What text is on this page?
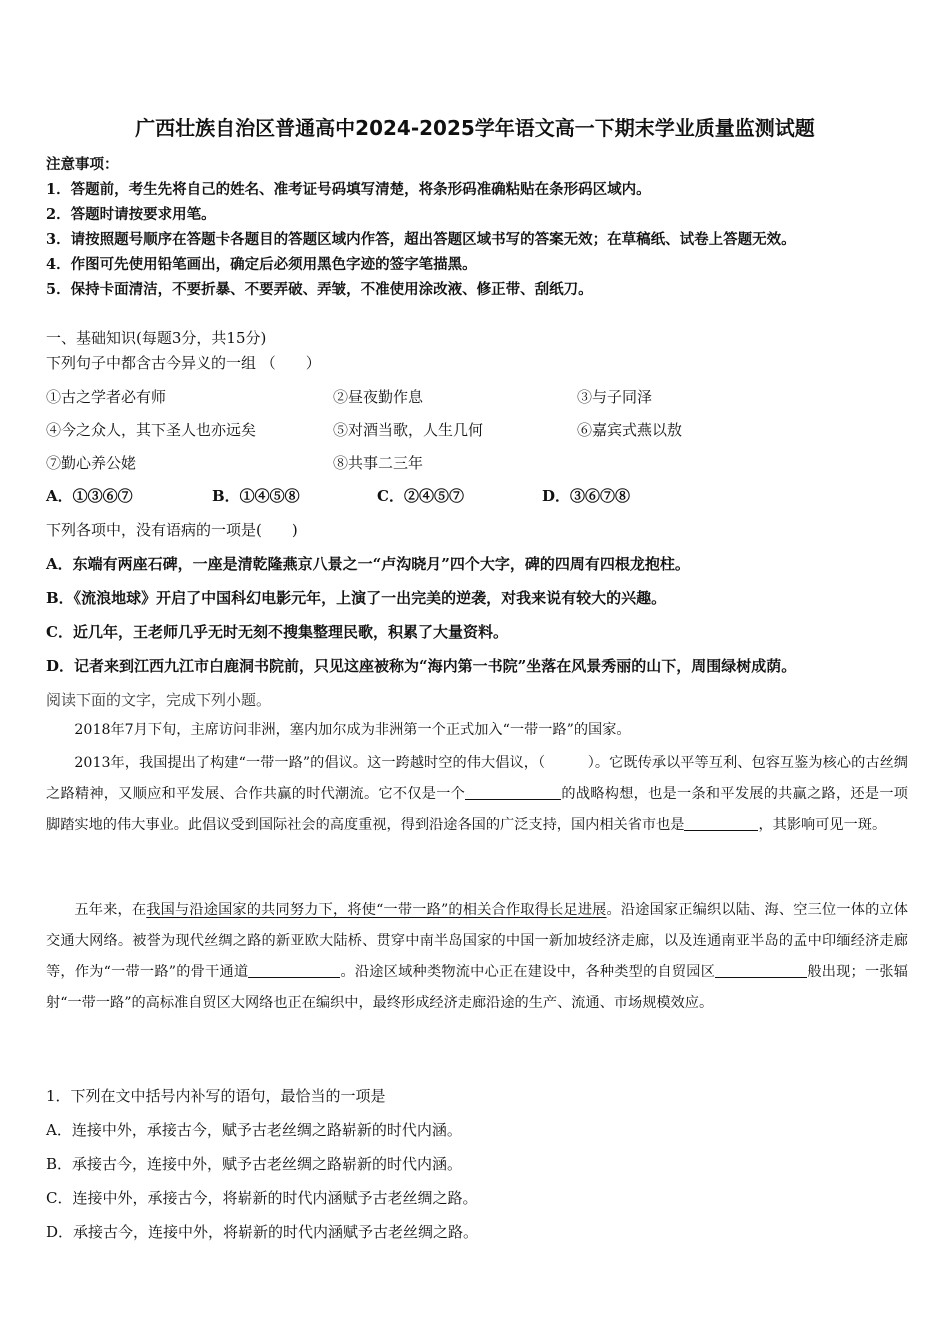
广西壮族自治区普通高中2024-2025学年语文高一下期末学业质量监测试题
注意事项：
1．答题前，考生先将自己的姓名、准考证号码填写清楚，将条形码准确粘贴在条形码区域内。
2．答题时请按要求用笔。
3．请按照题号顺序在答题卡各题目的答题区域内作答，超出答题区域书写的答案无效；在草稿纸、试卷上答题无效。
4．作图可先使用铅笔画出，确定后必须用黑色字迹的签字笔描黑。
5．保持卡面清洁，不要折暴、不要弄破、弄皱，不准使用涂改液、修正带、刮纸刀。
一、基础知识(每题3分，共15分)
下列句子中都含古今异义的一组 （　　）
①古之学者必有师	②昼夜勤作息	③与子同泽
④今之众人，其下圣人也亦远矣	⑤对酒当歌，人生几何	⑥嘉宾式燕以敖
⑦勤心养公姥	⑧共事二三年
A．①③⑥⑦	B．①④⑤⑧	C．②④⑤⑦	D．③⑥⑦⑧
下列各项中，没有语病的一项是(　　)
A．东端有两座石碑，一座是清乾隆燕京八景之一“卢沟晓月”四个大字，碑的四周有四根龙抱柱。
B．《流浪地球》开启了中国科幻电影元年，上演了一出完美的逆袭，对我来说有较大的兴趣。
C．近几年，王老师几乎无时无刻不搜集整理民歌，积累了大量资料。
D．记者来到江西九江市白鹿洞书院前，只见这座被称为“海内第一书院”坐落在风景秀丽的山下，周围绿树成荫。
阅读下面的文字，完成下列小题。
2018年7月下旬，主席访问非洲，塞内加尔成为非洲第一个正式加入“一带一路”的国家。
2013年，我国提出了构建“一带一路”的倡议。这一跨越时空的伟大倡议，（　　　）。它既传承以平等互利、包容互鉴为核心的古丝绸之路精神，又顺应和平发展、合作共赢的时代潮流。它不仅是一个	的战略构想，也是一条和平发展的共赢之路，还是一项脚踏实地的伟大事业。此倡议受到国际社会的高度重视，得到沿途各国的广泛支持，国内相关省市也是	，其影响可见一斑。
五年来，在我国与沿途国家的共同努力下，将使“一带一路”的相关合作取得长足进展。沿途国家正编织以陆、海、空三位一体的立体交通大网络。被誉为现代丝绸之路的新亚欧大陆桥、贯穿中南半岛国家的中国一新加坡经济走廊，以及连通南亚半岛的孟中印缅经济走廊等，作为“一带一路”的骨干通道	。沿途区域种类物流中心正在建设中，各种类型的自贸园区	般出现；一张辐射“一带一路”的高标准自贸区大网络也正在编织中，最终形成经济走廊沿途的生产、流通、市场规模效应。
1．下列在文中括号内补写的语句，最恰当的一项是
A．连接中外，承接古今，赋予古老丝绸之路崭新的时代内涵。
B．承接古今，连接中外，赋予古老丝绸之路崭新的时代内涵。
C．连接中外，承接古今，将崭新的时代内涵赋予古老丝绸之路。
D．承接古今，连接中外，将崭新的时代内涵赋予古老丝绸之路。
